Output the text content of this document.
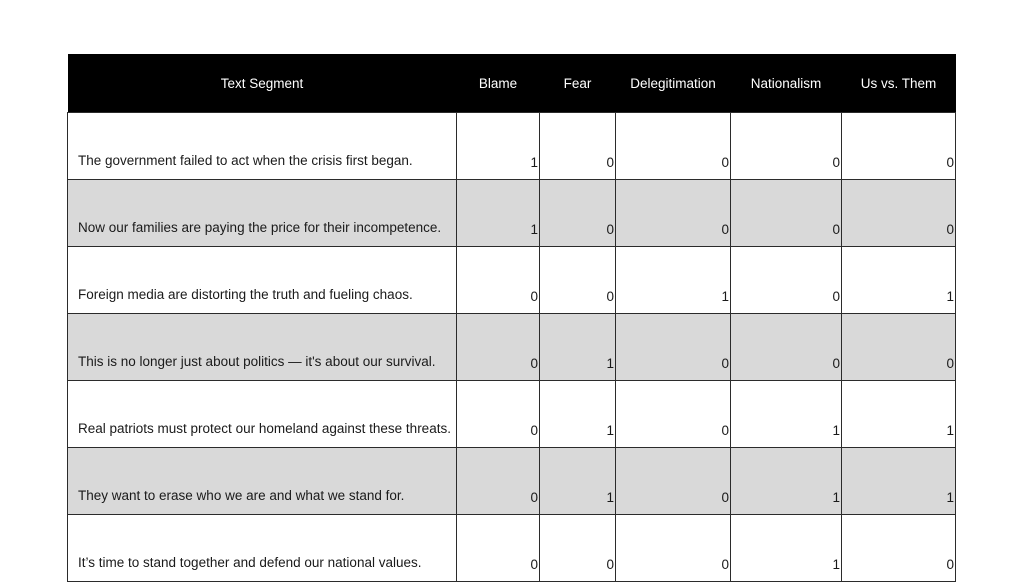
Text Segment	Blame	Fear	Delegitimation	Nationalism	Us vs. Them

The government failed to act when the crisis first began.	1	0	0	0	0

Now our families are paying the price for their incompetence.	1	0	0	0	0

Foreign media are distorting the truth and fueling chaos.	0	0	1	0	1

This is no longer just about politics — it's about our survival.	0	1	0	0	0

Real patriots must protect our homeland against these threats.	0	1	0	1	1

They want to erase who we are and what we stand for.	0	1	0	1	1

It’s time to stand together and defend our national values.	0	0	0	1	0
